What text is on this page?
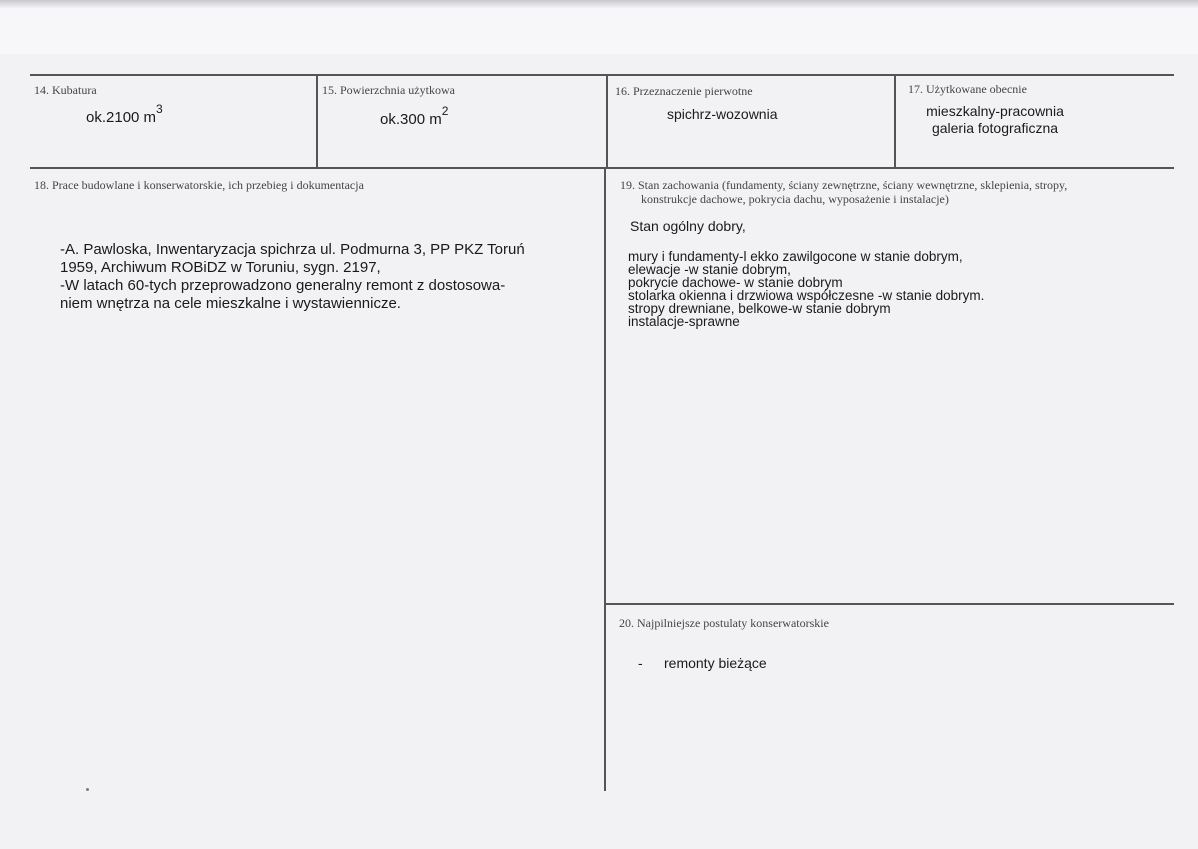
14. Kubatura
ok.2100 $m^3$
15. Powierzchnia użytkowa
ok.300 $m^2$
16. Przeznaczenie pierwotne
spichrz-wozownia
17. Użytkowane obecnie
mieszkalny-pracownia
galeria fotograficzna
18. Prace budowlane i konserwatorskie, ich przebieg i dokumentacja
-A. Pawloska, Inwentaryzacja spichrza ul. Podmurna 3, PP PKZ Toruń
1959, Archiwum ROBiDZ w Toruniu, sygn. 2197,
-W latach 60-tych przeprowadzono generalny remont z dostosowa-
niem wnętrza na cele mieszkalne i wystawiennicze.
19. Stan zachowania (fundamenty, ściany zewnętrzne, ściany wewnętrzne, sklepienia, stropy,
konstrukcje dachowe, pokrycia dachu, wyposażenie i instalacje)
Stan ogólny dobry,
mury i fundamenty-l ekko zawilgocone w stanie dobrym,
elewacje -w stanie dobrym,
pokrycie dachowe- w stanie dobrym
stolarka okienna i drzwiowa współczesne -w stanie dobrym.
stropy drewniane, belkowe-w stanie dobrym
instalacje-sprawne
20. Najpilniejsze postulaty konserwatorskie
- remonty bieżące
